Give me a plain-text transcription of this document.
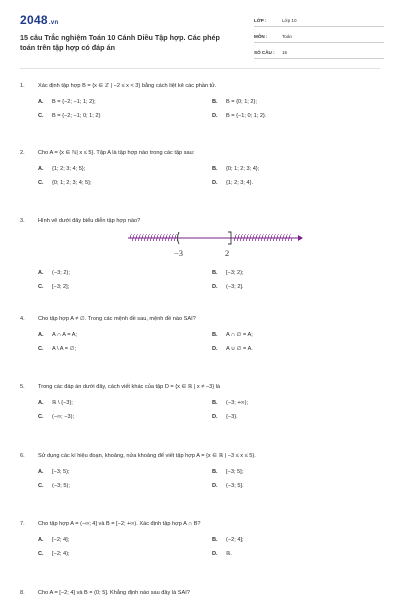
2048.vn
15 câu Trắc nghiệm Toán 10 Cánh Diều Tập hợp. Các phép toán trên tập hợp có đáp án
LỚP :	Lớp 10
MÔN :	Toán
SỐ CÂU :	15
1.	Xác định tập hợp B = {x ∈ ℤ | −2 ≤ x < 3} bằng cách liệt kê các phần tử.
A.	B = {−2; −1; 1; 2};	B.	B = {0; 1; 2};
C.	B = {−2; −1; 0; 1; 2}	D.	B = {−1; 0; 1; 2}.
2.	Cho A = {x ∈ ℕ| x ≤ 5}. Tập A là tập hợp nào trong các tập sau:
A.	{1; 2; 3; 4; 5};	B.	{0; 1; 2; 3; 4};
C.	{0; 1; 2; 3; 4; 5};	D.	{1; 2; 3; 4}.
3.	Hình vẽ dưới đây biểu diễn tập hợp nào?
−3	2
A.	(−3; 2);	B.	[−3; 2);
C.	[−3; 2];	D.	(−3; 2].
4.	Cho tập hợp A ≠ ∅. Trong các mệnh đề sau, mệnh đề nào SAI?
A.	A ∩ A = A;	B.	A ∩ ∅ = A;
C.	A \ A = ∅;	D.	A ∪ ∅ = A.
5.	Trong các đáp án dưới đây, cách viết khác của tập D = {x ∈ ℝ | x ≠ −3} là
A.	ℝ \ {−3};	B.	(−3; +∞);
C.	(−∞; −3);	D.	{−3}.
6.	Sử dụng các kí hiệu đoạn, khoảng, nửa khoảng để viết tập hợp A = {x ∈ ℝ | −3 ≤ x ≤ 5}.
A.	[−3; 5);	B.	[−3; 5];
C.	(−3; 5);	D.	(−3; 5].
7.	Cho tập hợp A = (−∞; 4] và B = [−2; +∞). Xác định tập hợp A ∩ B?
A.	[−2; 4];	B.	(−2; 4];
C.	[−2; 4);	D.	ℝ.
8.	Cho A = [−2; 4] và B = (0; 5]. Khẳng định nào sau đây là SAI?
